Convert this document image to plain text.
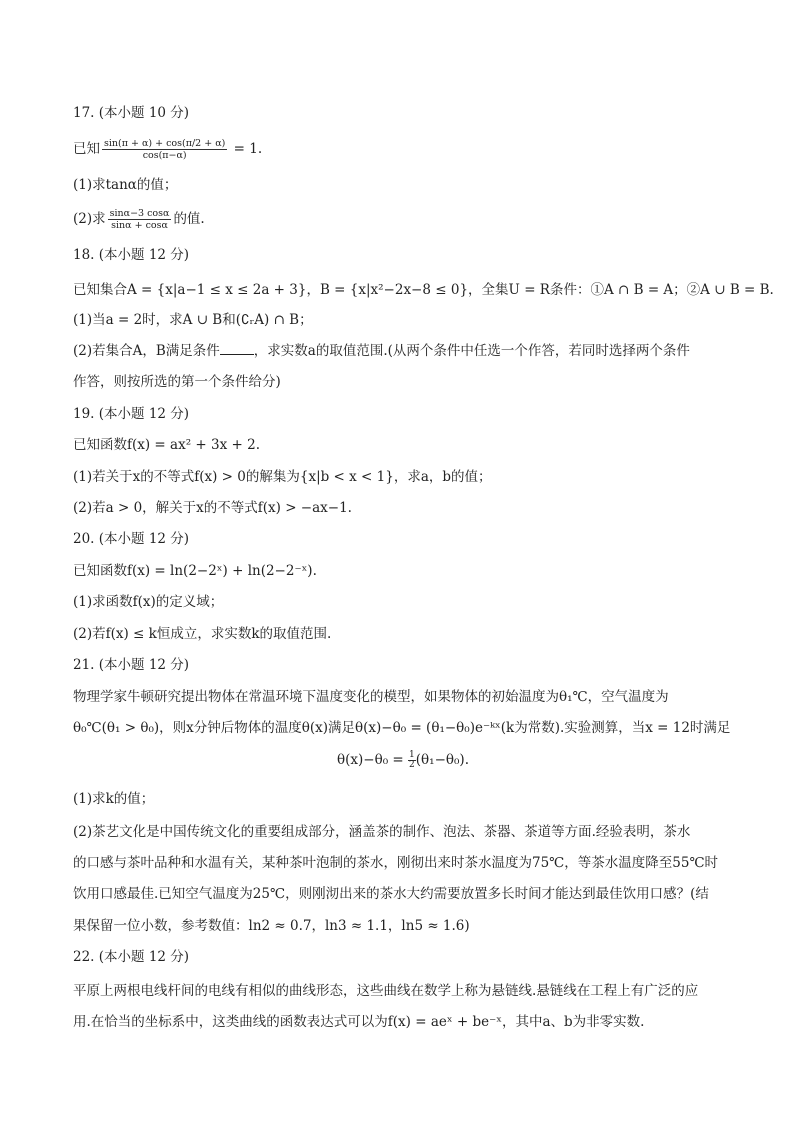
17. (本小题 10 分)
已知 $\frac{\sin(\pi + \alpha) + \cos(\pi/2 + \alpha)}{\cos(\pi-\alpha)} = 1$.
(1)求tanα的值；
(2)求 $\frac{\sin\alpha-3 \cos\alpha}{\sin\alpha + \cos\alpha}$ 的值.
18. (本小题 12 分)
已知集合A = {x|a−1 ≤ x ≤ 2a + 3}，B = {x|x²−2x−8 ≤ 0}，全集U = R条件：①A ∩ B = A；②A ∪ B = B.
(1)当a = 2时，求A ∪ B和(∁ᵣA) ∩ B；
(2)若集合A，B满足条件	，求实数a的取值范围.(从两个条件中任选一个作答，若同时选择两个条件
作答，则按所选的第一个条件给分)
19. (本小题 12 分)
已知函数f(x) = ax² + 3x + 2.
(1)若关于x的不等式f(x) > 0的解集为{x|b < x < 1}，求a，b的值；
(2)若a > 0，解关于x的不等式f(x) > −ax−1.
20. (本小题 12 分)
已知函数f(x) = ln(2−2ˣ) + ln(2−2⁻ˣ).
(1)求函数f(x)的定义域；
(2)若f(x) ≤ k恒成立，求实数k的取值范围.
21. (本小题 12 分)
物理学家牛顿研究提出物体在常温环境下温度变化的模型，如果物体的初始温度为θ₁℃，空气温度为
θ₀℃(θ₁ > θ₀)，则x分钟后物体的温度θ(x)满足θ(x)−θ₀ = (θ₁−θ₀)e⁻ᵏˣ(k为常数).实验测算，当x = 12时满足
$\theta(x)-\theta_0 = \frac{1}{2} (\theta_1-\theta_0)$.
(1)求k的值；
(2)茶艺文化是中国传统文化的重要组成部分，涵盖茶的制作、泡法、茶器、茶道等方面.经验表明，茶水
的口感与茶叶品种和水温有关，某种茶叶泡制的茶水，刚彻出来时茶水温度为75℃，等茶水温度降至55℃时
饮用口感最佳.已知空气温度为25℃，则刚沏出来的茶水大约需要放置多长时间才能达到最佳饮用口感？(结
果保留一位小数，参考数值：ln2 ≈ 0.7，ln3 ≈ 1.1，ln5 ≈ 1.6)
22. (本小题 12 分)
平原上两根电线杆间的电线有相似的曲线形态，这些曲线在数学上称为悬链线.悬链线在工程上有广泛的应
用.在恰当的坐标系中，这类曲线的函数表达式可以为f(x) = aeˣ + be⁻ˣ，其中a、b为非零实数.
